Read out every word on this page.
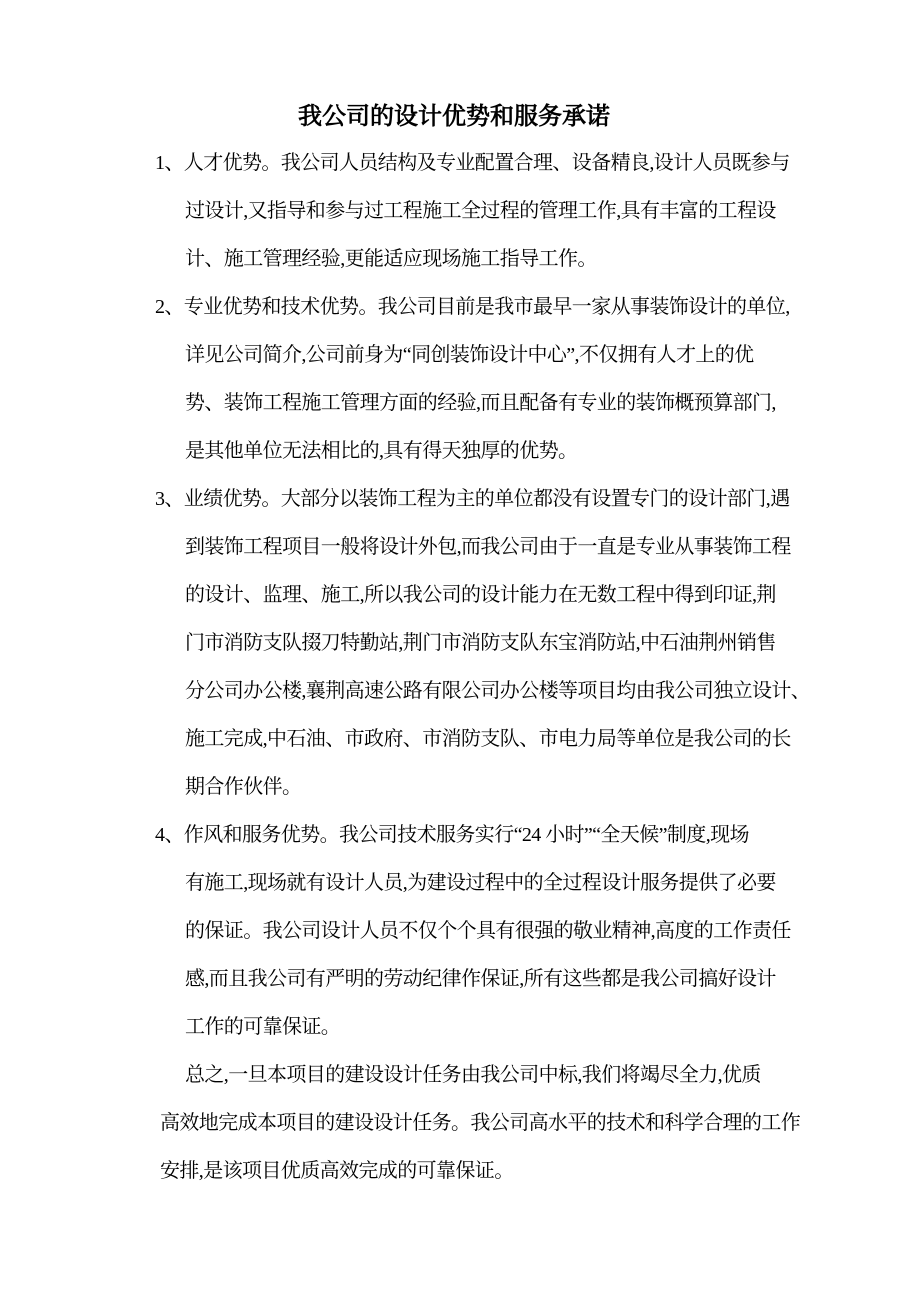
我公司的设计优势和服务承诺
1、人才优势。我公司人员结构及专业配置合理、设备精良,设计人员既参与
过设计,又指导和参与过工程施工全过程的管理工作,具有丰富的工程设
计、施工管理经验,更能适应现场施工指导工作。
2、专业优势和技术优势。我公司目前是我市最早一家从事装饰设计的单位,
详见公司简介,公司前身为“同创装饰设计中心”,不仅拥有人才上的优
势、装饰工程施工管理方面的经验,而且配备有专业的装饰概预算部门,
是其他单位无法相比的,具有得天独厚的优势。
3、业绩优势。大部分以装饰工程为主的单位都没有设置专门的设计部门,遇
到装饰工程项目一般将设计外包,而我公司由于一直是专业从事装饰工程
的设计、监理、施工,所以我公司的设计能力在无数工程中得到印证,荆
门市消防支队掇刀特勤站,荆门市消防支队东宝消防站,中石油荆州销售
分公司办公楼,襄荆高速公路有限公司办公楼等项目均由我公司独立设计、
施工完成,中石油、市政府、市消防支队、市电力局等单位是我公司的长
期合作伙伴。
4、作风和服务优势。我公司技术服务实行“24 小时”“全天候”制度,现场
有施工,现场就有设计人员,为建设过程中的全过程设计服务提供了必要
的保证。我公司设计人员不仅个个具有很强的敬业精神,高度的工作责任
感,而且我公司有严明的劳动纪律作保证,所有这些都是我公司搞好设计
工作的可靠保证。
总之,一旦本项目的建设设计任务由我公司中标,我们将竭尽全力,优质
高效地完成本项目的建设设计任务。我公司高水平的技术和科学合理的工作
安排,是该项目优质高效完成的可靠保证。
